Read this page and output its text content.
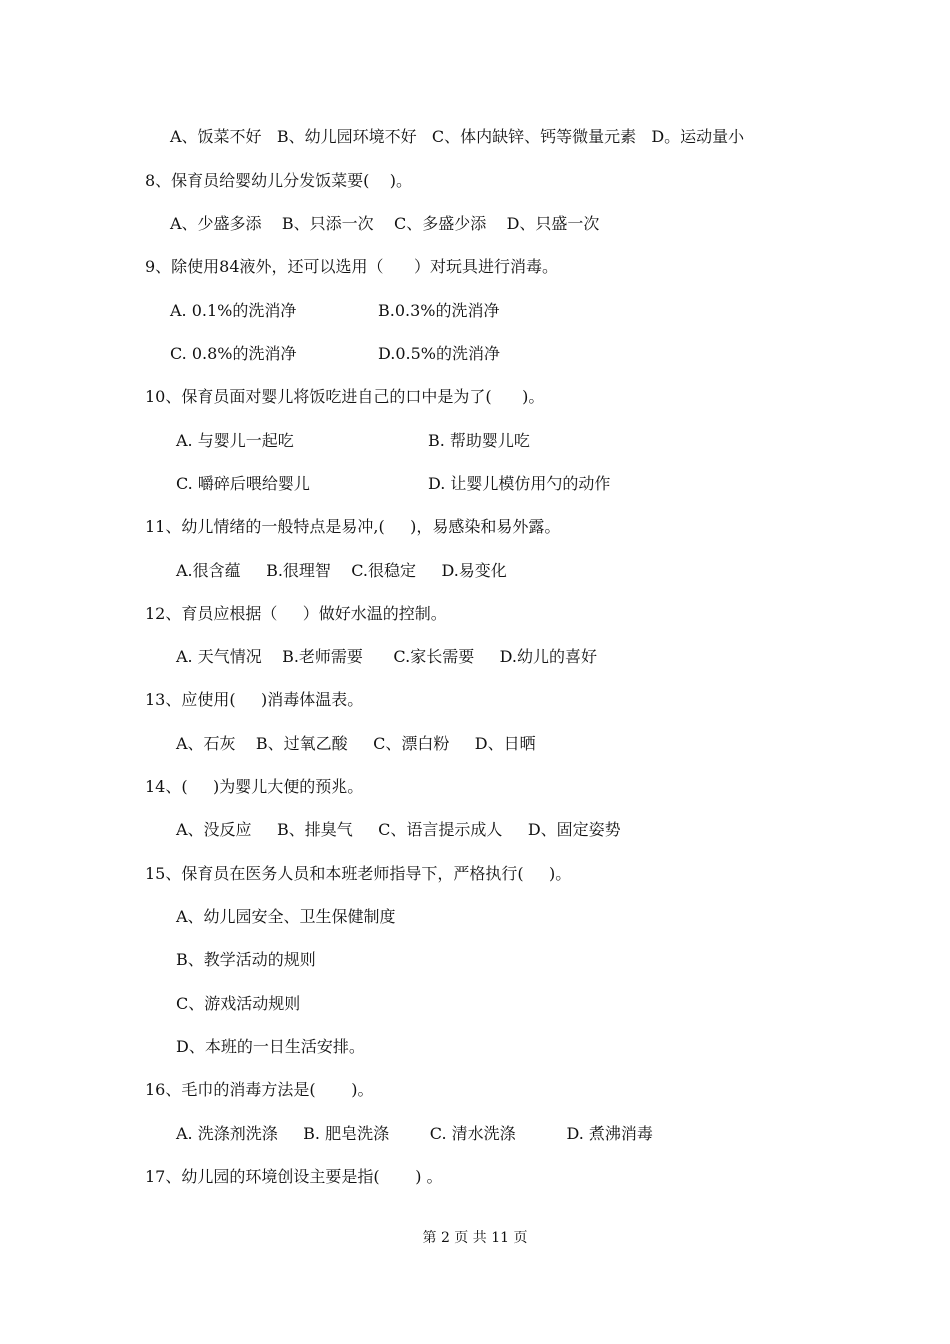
A、饭菜不好   B、幼儿园环境不好   C、体内缺锌、钙等微量元素   D。运动量小
8、保育员给婴幼儿分发饭菜要(    )。
A、少盛多添    B、只添一次    C、多盛少添    D、只盛一次
9、除使用84液外，还可以选用（      ）对玩具进行消毒。
A. 0.1%的洗消净	B.0.3%的洗消净
C. 0.8%的洗消净	D.0.5%的洗消净
10、保育员面对婴儿将饭吃进自己的口中是为了(      )。
A. 与婴儿一起吃	B. 帮助婴儿吃
C. 嚼碎后喂给婴儿	D. 让婴儿模仿用勺的动作
11、幼儿情绪的一般特点是易冲,(     )，易感染和易外露。
A.很含蕴     B.很理智    C.很稳定     D.易变化
12、育员应根据（     ）做好水温的控制。
A. 天气情况    B.老师需要      C.家长需要     D.幼儿的喜好
13、应使用(     )消毒体温表。
A、石灰    B、过氧乙酸     C、漂白粉     D、日晒
14、(     )为婴儿大便的预兆。
A、没反应     B、排臭气     C、语言提示成人     D、固定姿势
15、保育员在医务人员和本班老师指导下，严格执行(     )。
A、幼儿园安全、卫生保健制度
B、教学活动的规则
C、游戏活动规则
D、本班的一日生活安排。
16、毛巾的消毒方法是(       )。
A. 洗涤剂洗涤     B. 肥皂洗涤        C. 清水洗涤          D. 煮沸消毒
17、幼儿园的环境创设主要是指(       ) 。
第 2 页 共 11 页
